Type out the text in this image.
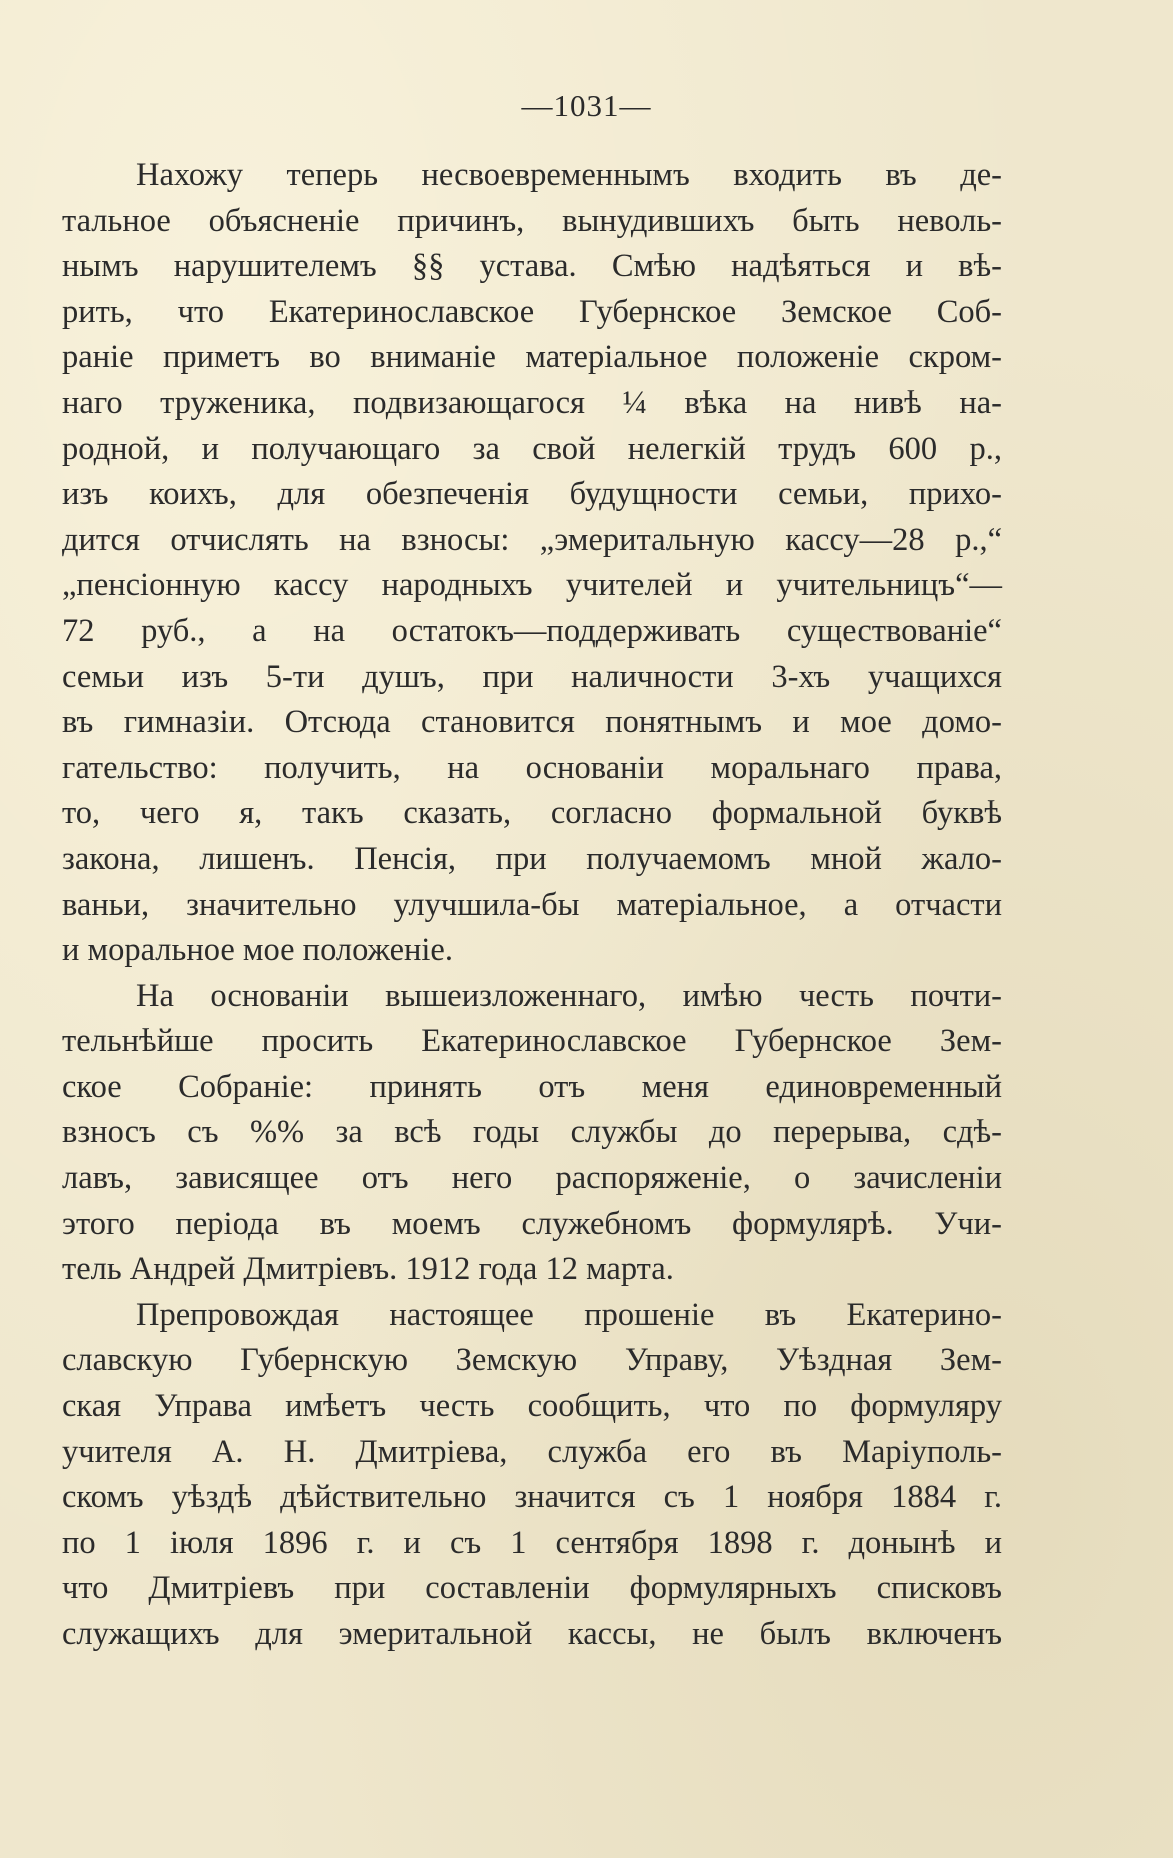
—1031—
Нахожу теперь несвоевременнымъ входить въ де-
тальное объясненіе причинъ, вынудившихъ быть неволь-
нымъ нарушителемъ §§ устава. Смѣю надѣяться и вѣ-
рить, что Екатеринославское Губернское Земское Соб-
раніе приметъ во вниманіе матеріальное положеніе скром-
наго труженика, подвизающагося ¼ вѣка на нивѣ на-
родной, и получающаго за свой нелегкій трудъ 600 р.,
изъ коихъ, для обезпеченія будущности семьи, прихо-
дится отчислять на взносы: „эмеритальную кассу—28 р.,“
„пенсіонную кассу народныхъ учителей и учительницъ“—
72 руб., а на остатокъ—поддерживать существованіе“
семьи изъ 5-ти душъ, при наличности 3-хъ учащихся
въ гимназіи. Отсюда становится понятнымъ и мое домо-
гательство: получить, на основаніи моральнаго права,
то, чего я, такъ сказать, согласно формальной буквѣ
закона, лишенъ. Пенсія, при получаемомъ мной жало-
ваньи, значительно улучшила-бы матеріальное, а отчасти
и моральное мое положеніе.
На основаніи вышеизложеннаго, имѣю честь почти-
тельнѣйше просить Екатеринославское Губернское Зем-
ское Собраніе: принять отъ меня единовременный
взносъ съ %% за всѣ годы службы до перерыва, сдѣ-
лавъ, зависящее отъ него распоряженіе, о зачисленіи
этого періода въ моемъ служебномъ формулярѣ. Учи-
тель Андрей Дмитріевъ. 1912 года 12 марта.
Препровождая настоящее прошеніе въ Екатерино-
славскую Губернскую Земскую Управу, Уѣздная Зем-
ская Управа имѣетъ честь сообщить, что по формуляру
учителя А. Н. Дмитріева, служба его въ Маріуполь-
скомъ уѣздѣ дѣйствительно значится съ 1 ноября 1884 г.
по 1 іюля 1896 г. и съ 1 сентября 1898 г. донынѣ и
что Дмитріевъ при составленіи формулярныхъ списковъ
служащихъ для эмеритальной кассы, не былъ включенъ
